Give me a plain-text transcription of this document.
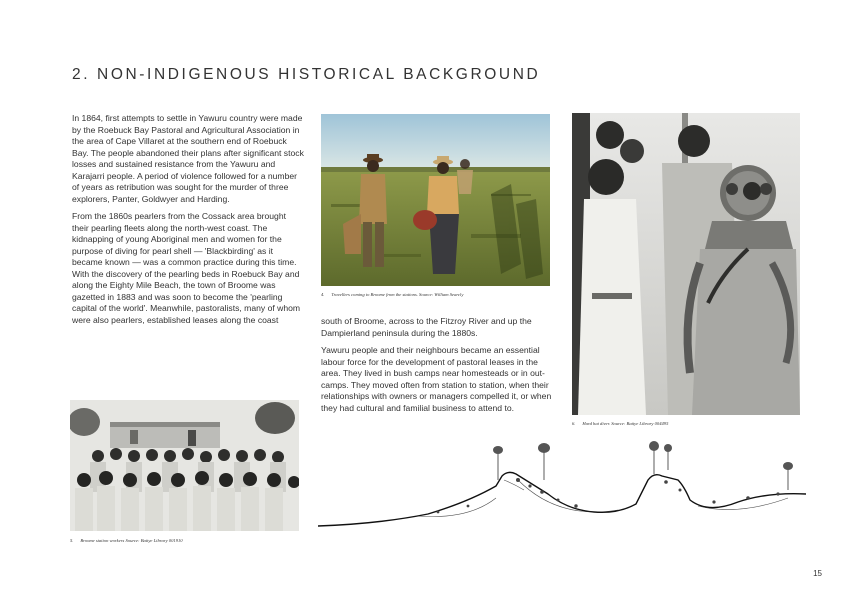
2. NON-INDIGENOUS HISTORICAL BACKGROUND

In 1864, first attempts to settle in Yawuru country were made by the Roebuck Bay Pastoral and Agricultural Association in the area of Cape Villaret at the southern end of Roebuck Bay. The people abandoned their plans after significant stock losses and sustained resistance from the Yawuru and Karajarri people. A period of violence followed for a number of years as retribution was sought for the murder of three explorers, Panter, Goldwyer and Harding.

From the 1860s pearlers from the Cossack area brought their pearling fleets along the north-west coast. The kidnapping of young Aboriginal men and women for the purpose of diving for pearl shell — 'Blackbirding' as it became known — was a common practice during this time. With the discovery of the pearling beds in Roebuck Bay and along the Eighty Mile Beach, the town of Broome was gazetted in 1883 and was soon to become the 'pearling capital of the world'. Meanwhile, pastoralists, many of whom were also pearlers, established leases along the coast

4. Travellers coming to Broome from the stations. Source: William Searcly

south of Broome, across to the Fitzroy River and up the Dampierland peninsula during the 1880s.

Yawuru people and their neighbours became an essential labour force for the development of pastoral leases in the area. They lived in bush camps near homesteads or in out-camps. They moved often from station to station, when their relationships with owners or managers compelled it, or when they had cultural and familial business to attend to.

6. Hard hat diver. Source: Battye Library 004495
5. Broome station workers Source: Battye Library 001910
15
